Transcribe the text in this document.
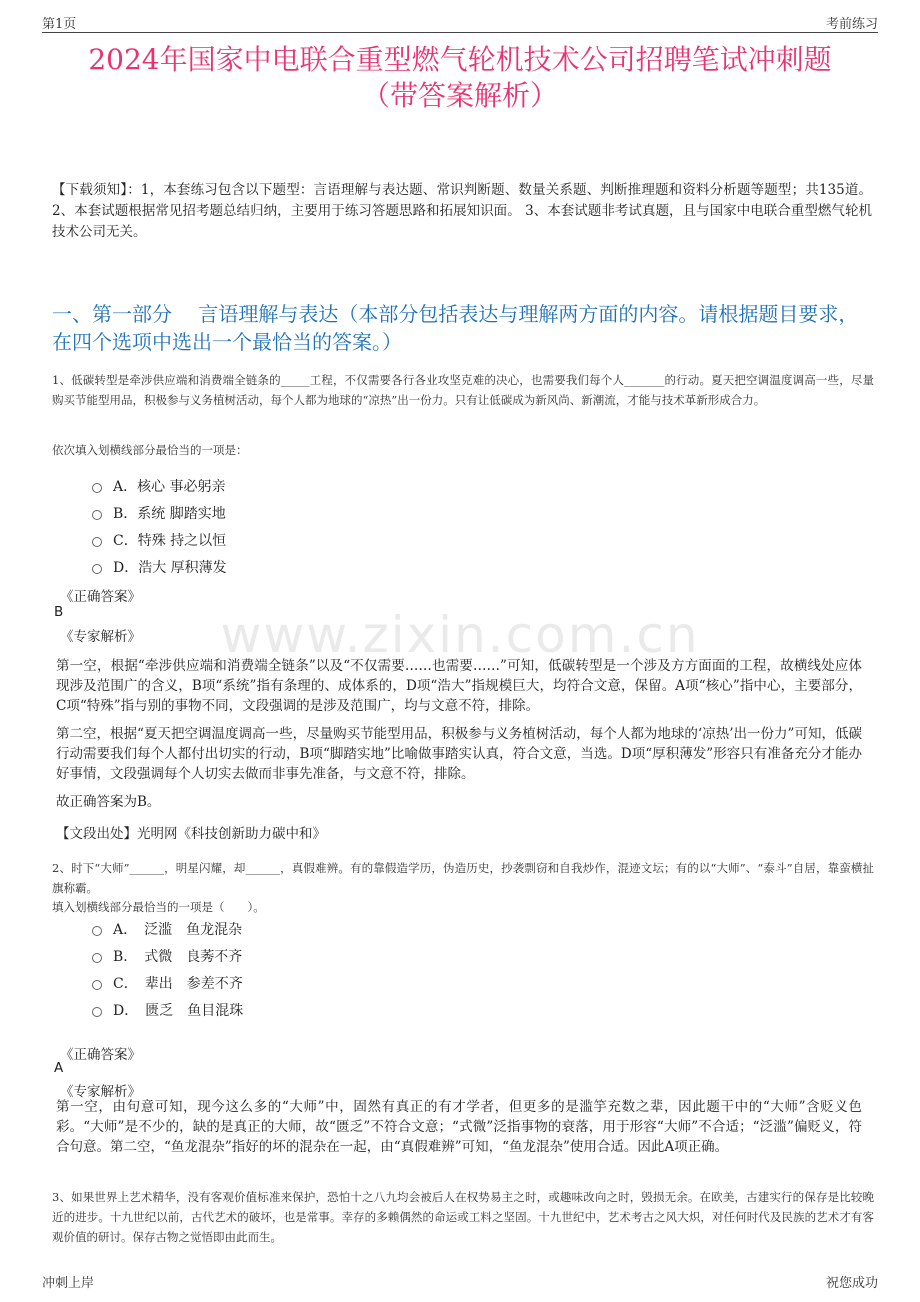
第1页	考前练习
2024年国家中电联合重型燃气轮机技术公司招聘笔试冲刺题
（带答案解析）
【下载须知】：1，本套练习包含以下题型：言语理解与表达题、常识判断题、数量关系题、判断推理题和资料分析题等题型；共135道。 2、本套试题根据常见招考题总结归纳，主要用于练习答题思路和拓展知识面。 3、本套试题非考试真题，且与国家中电联合重型燃气轮机技术公司无关。
一、第一部分　 言语理解与表达（本部分包括表达与理解两方面的内容。请根据题目要求，在四个选项中选出一个最恰当的答案。）
1、低碳转型是牵涉供应端和消费端全链条的_____工程，不仅需要各行各业攻坚克难的决心，也需要我们每个人_______的行动。夏天把空调温度调高一些，尽量购买节能型用品，积极参与义务植树活动，每个人都为地球的“凉热”出一份力。只有让低碳成为新风尚、新潮流，才能与技术革新形成合力。
依次填入划横线部分最恰当的一项是：
A．核心 事必躬亲
B．系统 脚踏实地
C．特殊 持之以恒
D．浩大 厚积薄发
《正确答案》
B
《专家解析》
第一空，根据“牵涉供应端和消费端全链条”以及“不仅需要……也需要……”可知，低碳转型是一个涉及方方面面的工程，故横线处应体现涉及范围广的含义，B项“系统”指有条理的、成体系的，D项“浩大”指规模巨大，均符合文意，保留。A项“核心”指中心，主要部分，C项“特殊”指与别的事物不同，文段强调的是涉及范围广，均与文意不符，排除。
第二空，根据“夏天把空调温度调高一些，尽量购买节能型用品，积极参与义务植树活动，每个人都为地球的‘凉热’出一份力”可知，低碳行动需要我们每个人都付出切实的行动，B项“脚踏实地”比喻做事踏实认真，符合文意，当选。D项“厚积薄发”形容只有准备充分才能办好事情，文段强调每个人切实去做而非事先准备，与文意不符，排除。
故正确答案为B。
【文段出处】光明网《科技创新助力碳中和》
2、时下“大师”______，明星闪耀，却______，真假难辨。有的靠假造学历，伪造历史，抄袭剽窃和自我炒作，混迹文坛；有的以“大师”、“泰斗”自居，靠蛮横扯旗称霸。
填入划横线部分最恰当的一项是（　　）。
A．　泛滥　鱼龙混杂
B．　式微　良莠不齐
C．　辈出　参差不齐
D．　匮乏　鱼目混珠
《正确答案》
A
《专家解析》
第一空，由句意可知，现今这么多的“大师”中，固然有真正的有才学者，但更多的是滥竽充数之辈，因此题干中的“大师”含贬义色彩。“大师”是不少的，缺的是真正的大师，故“匮乏”不符合文意；“式微”泛指事物的衰落，用于形容“大师”不合适；“泛滥”偏贬义，符合句意。第二空，“鱼龙混杂”指好的坏的混杂在一起，由“真假难辨”可知，“鱼龙混杂”使用合适。因此A项正确。
3、如果世界上艺术精华，没有客观价值标准来保护，恐怕十之八九均会被后人在权势易主之时，或趣味改向之时，毁损无余。在欧美，古建实行的保存是比较晚近的进步。十九世纪以前，古代艺术的破坏，也是常事。幸存的多赖偶然的命运或工料之坚固。十九世纪中，艺术考古之风大炽，对任何时代及民族的艺术才有客观价值的研讨。保存古物之觉悟即由此而生。
www.zixin.com.cn
冲刺上岸	祝您成功
